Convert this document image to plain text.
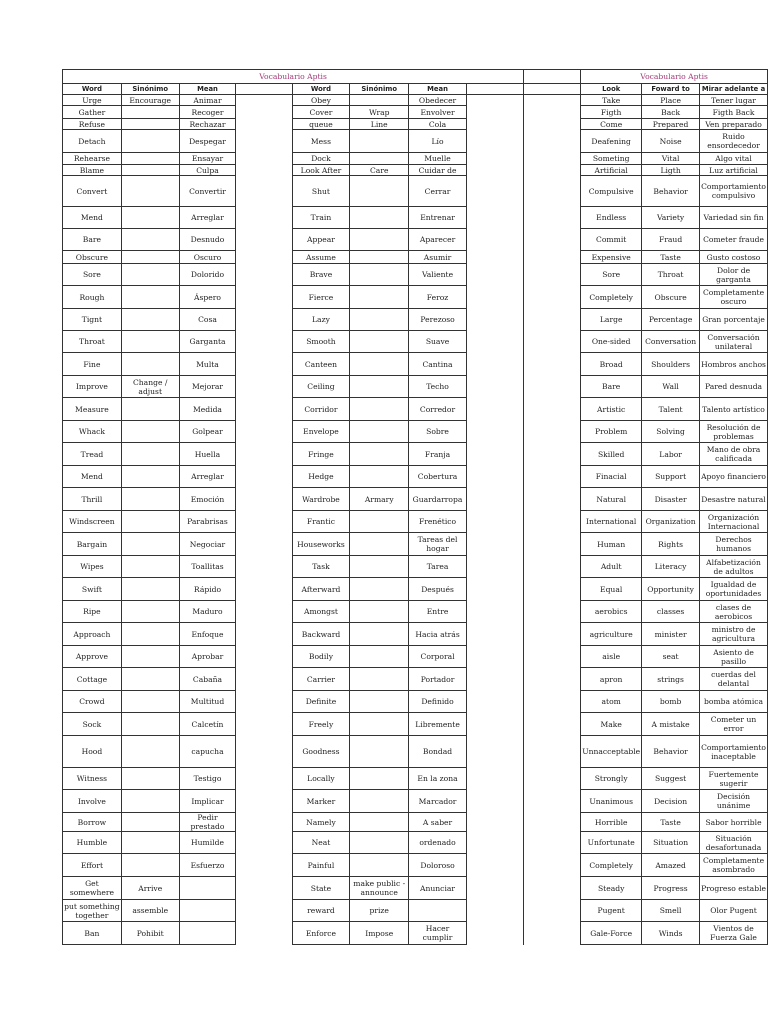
Vocabulario Aptis									Vocabulario Aptis		
Word	Sinónimo	Mean		Word	Sinónimo	Mean			Look	Foward to	Mirar adelante a
Urge	Encourage	Animar		Obey		Obedecer			Take	Place	Tener lugar
Gather		Recoger		Cover	Wrap	Envolver			Figth	Back	Figth Back
Refuse		Rechazar		queue	Line	Cola			Come	Prepared	Ven preparado
Detach		Despegar		Mess		Lío			Deafening	Noise	Ruido ensordecedor
Rehearse		Ensayar		Dock		Muelle			Someting	Vital	Algo vital
Blame		Culpa		Look After	Care	Cuidar de			Artificial	Ligth	Luz artificial
Convert		Convertir		Shut		Cerrar			Compulsive	Behavior	Comportamiento compulsivo
Mend		Arreglar		Train		Entrenar			Endless	Variety	Variedad sin fin
Bare		Desnudo		Appear		Aparecer			Commit	Fraud	Cometer fraude
Obscure		Oscuro		Assume		Asumir			Expensive	Taste	Gusto costoso
Sore		Dolorido		Brave		Valiente			Sore	Throat	Dolor de garganta
Rough		Áspero		Fierce		Feroz			Completely	Obscure	Completamente oscuro
Tignt		Cosa		Lazy		Perezoso			Large	Percentage	Gran porcentaje
Throat		Garganta		Smooth		Suave			One-sided	Conversation	Conversación unilateral
Fine		Multa		Canteen		Cantina			Broad	Shoulders	Hombros anchos
Improve	Change / adjust	Mejorar		Ceiling		Techo			Bare	Wall	Pared desnuda
Measure		Medida		Corridor		Corredor			Artistic	Talent	Talento artístico
Whack		Golpear		Envelope		Sobre			Problem	Solving	Resolución de problemas
Tread		Huella		Fringe		Franja			Skilled	Labor	Mano de obra calificada
Mend		Arreglar		Hedge		Cobertura			Finacial	Support	Apoyo financiero
Thrill		Emoción		Wardrobe	Armary	Guardarropa			Natural	Disaster	Desastre natural
Windscreen		Parabrisas		Frantic		Frenético			International	Organization	Organización Internacional
Bargain		Negociar		Houseworks		Tareas del hogar			Human	Rights	Derechos humanos
Wipes		Toallitas		Task		Tarea			Adult	Literacy	Alfabetización de adultos
Swift		Rápido		Afterward		Después			Equal	Opportunity	Igualdad de oportunidades
Ripe		Maduro		Amongst		Entre			aerobics	classes	clases de aerobicos
Approach		Enfoque		Backward		Hacia atrás			agriculture	minister	ministro de agricultura
Approve		Aprobar		Bodily		Corporal			aisle	seat	Asiento de pasillo
Cottage		Cabaña		Carrier		Portador			apron	strings	cuerdas del delantal
Crowd		Multitud		Definite		Definido			atom	bomb	bomba atómica
Sock		Calcetín		Freely		Libremente			Make	A mistake	Cometer un error
Hood		capucha		Goodness		Bondad			Unnacceptable	Behavior	Comportamiento inaceptable
Witness		Testigo		Locally		En la zona			Strongly	Suggest	Fuertemente sugerir
Involve		Implicar		Marker		Marcador			Unanimous	Decision	Decisión unánime
Borrow		Pedir prestado		Namely		A saber			Horrible	Taste	Sabor horrible
Humble		Humilde		Neat		ordenado			Unfortunate	Situation	Situación desafortunada
Effort		Esfuerzo		Painful		Doloroso			Completely	Amazed	Completamente asombrado
Get somewhere	Arrive			State	make public - announce	Anunciar			Steady	Progress	Progreso estable
put something together	assemble			reward	prize				Pugent	Smell	Olor Pugent
Ban	Pohibit			Enforce	Impose	Hacer cumplir			Gale-Force	Winds	Vientos de Fuerza Gale
